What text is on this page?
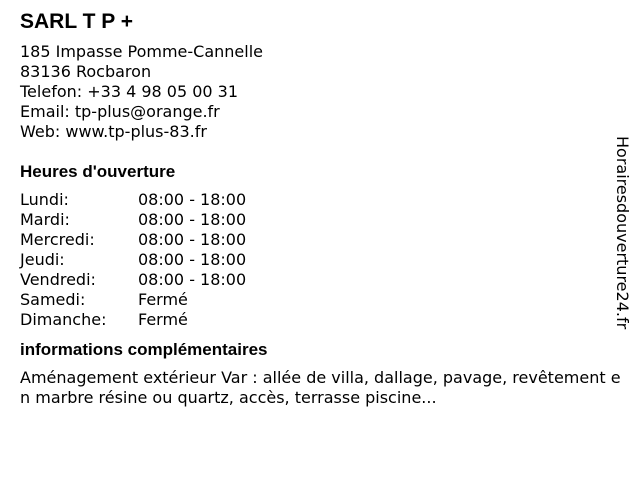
SARL T P +
185 Impasse Pomme-Cannelle
83136 Rocbaron
Telefon: +33 4 98 05 00 31
Email: tp-plus@orange.fr
Web: www.tp-plus-83.fr
Heures d'ouverture
Lundi:	08:00 - 18:00
Mardi:	08:00 - 18:00
Mercredi:	08:00 - 18:00
Jeudi:	08:00 - 18:00
Vendredi:	08:00 - 18:00
Samedi:	Fermé
Dimanche:	Fermé
informations complémentaires
Aménagement extérieur Var : allée de villa, dallage, pavage, revêtement en marbre résine ou quartz, accès, terrasse piscine...
Horairesdouverture24.fr
